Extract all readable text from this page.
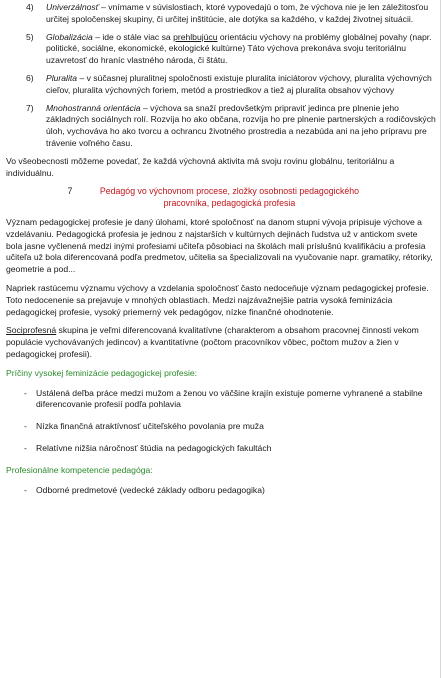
4)	Univerzálnosť – vnímame v súvislostiach, ktoré vypovedajú o tom, že výchova nie je len záležitosťou určitej spoločenskej skupiny, či určitej inštitúcie, ale dotýka sa každého, v každej životnej situácii.
5)	Globalizácia – ide o stále viac sa prehlbujúcu orientáciu výchovy na problémy globálnej povahy (napr. politické, sociálne, ekonomické, ekologické kultúrne) Táto výchova prekonáva svoju teritoriálnu uzavretosť do hraníc vlastného národa, či štátu.
6)	Pluralita – v súčasnej pluralitnej spoločnosti existuje pluralita iniciátorov výchovy, pluralita výchovných cieľov, pluralita výchovných foriem, metód a prostriedkov a tiež aj pluralita obsahov výchovy
7)	Mnohostranná orientácia – výchova sa snaží predovšetkým pripraviť jedinca pre plnenie jeho základných sociálnych rolí. Rozvíja ho ako občana, rozvíja ho pre plnenie partnerských a rodičovských úloh, vychováva ho ako tvorcu a ochrancu životného prostredia a nezabúda ani na jeho prípravu pre trávenie voľného času.

Vo všeobecnosti môžeme povedať, že každá výchovná aktivita má svoju rovinu globálnu, teritoriálnu a individuálnu.

7	Pedagóg vo výchovnom procese, zložky osobnosti pedagogického pracovníka, pedagogická profesia

Význam pedagogickej profesie je daný úlohami, ktoré spoločnosť na danom stupni vývoja pripisuje výchove a vzdelávaniu. Pedagogická profesia je jednou z najstarších v kultúrnych dejinách ľudstva už v antickom svete bola jasne vyčlenená medzi inými profesiami učiteľa pôsobiaci na školách mali príslušnú kvalifikáciu a profesia učiteľa už bola diferencovaná podľa predmetov, učitelia sa špecializovali na vyučovanie napr. gramatiky, rétoriky, geometrie a pod...

Napriek rastúcemu významu výchovy a vzdelania spoločnosť často nedoceňuje význam pedagogickej profesie. Toto nedocenenie sa prejavuje v mnohých oblastiach. Medzi najzávažnejšie patria vysoká feminizácia pedagogickej profesie, vysoký priemerný vek pedagógov, nízke finančné ohodnotenie.

Sociprofesná skupina je veľmi diferencovaná kvalitatívne (charakterom a obsahom pracovnej činnosti vekom populácie vychovávaných jedincov) a kvantitatívne (počtom pracovníkov vôbec, počtom mužov a žien v pedagogickej profesii).

Príčiny vysokej feminizácie pedagogickej profesie:
-	Ustálená deľba práce medzi mužom a ženou vo väčšine krajín existuje pomerne vyhranené a stabilne diferencovanie profesií podľa pohlavia
-	Nízka finančná atraktívnosť učiteľského povolania pre muža
-	Relatívne nižšia náročnosť štúdia na pedagogických fakultách
Profesionálne kompetencie pedagóga:
-	Odborné predmetové (vedecké základy odboru pedagogika)
